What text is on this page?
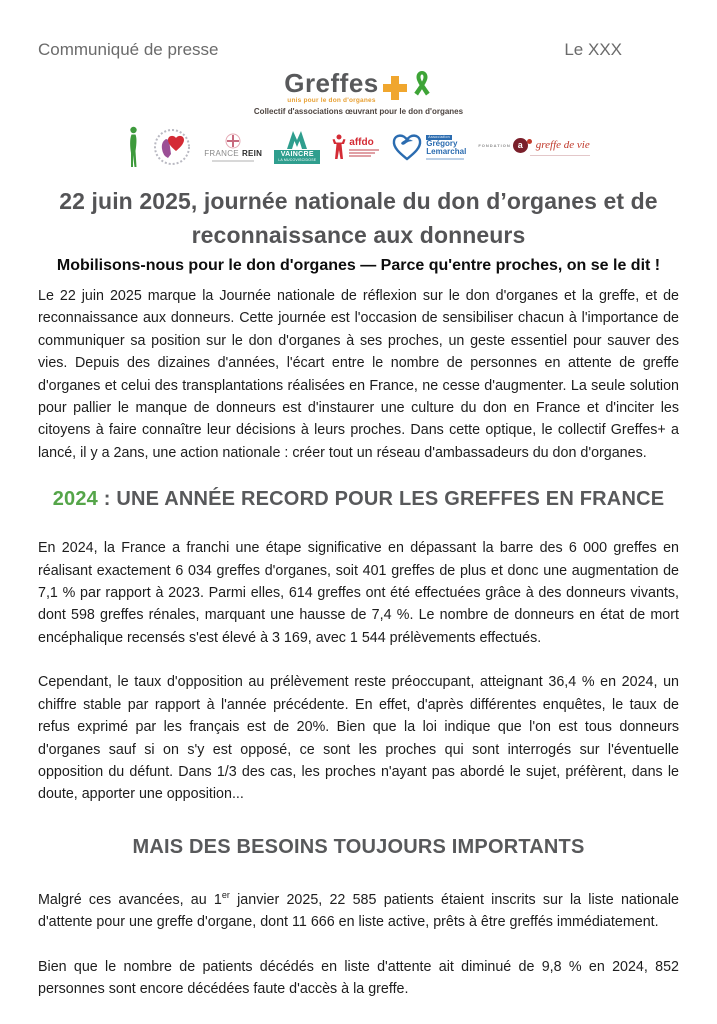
Communiqué de presse	Le XXX
Greffes
unis pour le don d'organes
Collectif d'associations œuvrant pour le don d'organes
FRANCE REIN	VAINCRE
LA MUCOVISCIDOSE
affdo	Association
Grégory
Lemarchal
FONDATION a	greffe de vie
22 juin 2025, journée nationale du don d’organes et de reconnaissance aux donneurs
Mobilisons-nous pour le don d'organes — Parce qu'entre proches, on se le dit !

Le 22 juin 2025 marque la Journée nationale de réflexion sur le don d'organes et la greffe, et de reconnaissance aux donneurs. Cette journée est l'occasion de sensibiliser chacun à l'importance de communiquer sa position sur le don d'organes à ses proches, un geste essentiel pour sauver des vies. Depuis des dizaines d'années, l'écart entre le nombre de personnes en attente de greffe d'organes et celui des transplantations réalisées en France, ne cesse d'augmenter. La seule solution pour pallier le manque de donneurs est d'instaurer une culture du don en France et d'inciter les citoyens à faire connaître leur décisions à leurs proches. Dans cette optique, le collectif Greffes+ a lancé, il y a 2ans, une action nationale : créer tout un réseau d'ambassadeurs du don d'organes.

2024 : UNE ANNÉE RECORD POUR LES GREFFES EN FRANCE

En 2024, la France a franchi une étape significative en dépassant la barre des 6 000 greffes en réalisant exactement 6 034 greffes d'organes, soit 401 greffes de plus et donc une augmentation de 7,1 % par rapport à 2023. Parmi elles, 614 greffes ont été effectuées grâce à des donneurs vivants, dont 598 greffes rénales, marquant une hausse de 7,4 %. Le nombre de donneurs en état de mort encéphalique recensés s'est élevé à 3 169, avec 1 544 prélèvements effectués.

Cependant, le taux d'opposition au prélèvement reste préoccupant, atteignant 36,4 % en 2024, un chiffre stable par rapport à l'année précédente. En effet, d'après différentes enquêtes, le taux de refus exprimé par les français est de 20%. Bien que la loi indique que l'on est tous donneurs d'organes sauf si on s'y est opposé, ce sont les proches qui sont interrogés sur l'éventuelle opposition du défunt. Dans 1/3 des cas, les proches n'ayant pas abordé le sujet, préfèrent, dans le doute, apporter une opposition...

MAIS DES BESOINS TOUJOURS IMPORTANTS

Malgré ces avancées, au 1er janvier 2025, 22 585 patients étaient inscrits sur la liste nationale d'attente pour une greffe d'organe, dont 11 666 en liste active, prêts à être greffés immédiatement.

Bien que le nombre de patients décédés en liste d'attente ait diminué de 9,8 % en 2024, 852 personnes sont encore décédées faute d'accès à la greffe.
